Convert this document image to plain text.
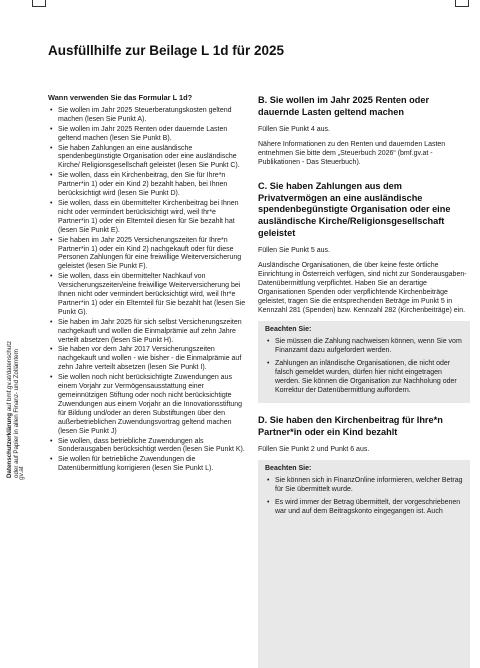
Datenschutzerklärung auf bmf.gv.at/datenschutz
oder auf Papier in allen Finanz- und Zollämtern
gv.at
Ausfüllhilfe zur Beilage L 1d für 2025
Wann verwenden Sie das Formular L 1d?
• Sie wollen im Jahr 2025 Steuerberatungskosten geltend machen (lesen Sie Punkt A).
• Sie wollen im Jahr 2025 Renten oder dauernde Lasten geltend machen (lesen Sie Punkt B).
• Sie haben Zahlungen an eine ausländische spendenbegünstigte Organisation oder eine ausländische Kirche/ Religionsgesellschaft geleistet (lesen Sie Punkt C).
• Sie wollen, dass ein Kirchenbeitrag, den Sie für Ihre*n Partner*in 1) oder ein Kind 2) bezahlt haben, bei Ihnen berücksichtigt wird (lesen Sie Punkt D).
• Sie wollen, dass ein übermittelter Kirchenbeitrag bei Ihnen nicht oder vermindert berücksichtigt wird, weil Ihr*e Partner*in 1) oder ein Elternteil diesen für Sie bezahlt hat (lesen Sie Punkt E).
• Sie haben im Jahr 2025 Versicherungszeiten für Ihre*n Partner*in 1) oder ein Kind 2) nachgekauft oder für diese Personen Zahlungen für eine freiwillige Weiterversicherung geleistet (lesen Sie Punkt F).
• Sie wollen, dass ein übermittelter Nachkauf von Versicherungszeiten/eine freiwillige Weiterversicherung bei Ihnen nicht oder vermindert berücksichtigt wird, weil Ihr*e Partner*in 1) oder ein Elternteil für Sie bezahlt hat (lesen Sie Punkt G).
• Sie haben im Jahr 2025 für sich selbst Versicherungszeiten nachgekauft und wollen die Einmalprämie auf zehn Jahre verteilt absetzen (lesen Sie Punkt H).
• Sie haben vor dem Jahr 2017 Versicherungszeiten nachgekauft und wollen - wie bisher - die Einmalprämie auf zehn Jahre verteilt absetzen (lesen Sie Punkt I).
• Sie wollen noch nicht berücksichtigte Zuwendungen aus einem Vorjahr zur Vermögensausstattung einer gemeinnützigen Stiftung oder noch nicht berücksichtigte Zuwendungen aus einem Vorjahr an die Innovationsstiftung für Bildung und/oder an deren Substiftungen über den außerbetrieblichen Zuwendungsvortrag geltend machen (lesen Sie Punkt J)
• Sie wollen, dass betriebliche Zuwendungen als Sonderausgaben berücksichtigt werden (lesen Sie Punkt K).
• Sie wollen für betriebliche Zuwendungen die Datenübermittlung korrigieren (lesen Sie Punkt L).
B. Sie wollen im Jahr 2025 Renten oder dauernde Lasten geltend machen

Füllen Sie Punkt 4 aus.

Nähere Informationen zu den Renten und dauernden Lasten entnehmen Sie bitte dem „Steuerbuch 2026“ (bmf.gv.at - Publikationen - Das Steuerbuch).

C. Sie haben Zahlungen aus dem Privatvermögen an eine ausländische spendenbegünstigte Organisation oder eine ausländische Kirche/Religionsgesellschaft geleistet

Füllen Sie Punkt 5 aus.

Ausländische Organisationen, die über keine feste örtliche Einrichtung in Österreich verfügen, sind nicht zur Sonderausgaben-Datenübermittlung verpflichtet. Haben Sie an derartige Organisationen Spenden oder verpflichtende Kirchenbeiträge geleistet, tragen Sie die entsprechenden Beträge im Punkt 5 in Kennzahl 281 (Spenden) bzw. Kennzahl 282 (Kirchenbeiträge) ein.

Beachten Sie:
• Sie müssen die Zahlung nachweisen können, wenn Sie vom Finanzamt dazu aufgefordert werden.
• Zahlungen an inländische Organisationen, die nicht oder falsch gemeldet wurden, dürfen hier nicht eingetragen werden. Sie können die Organisation zur Nachholung oder Korrektur der Datenübermittlung auffordern.
D. Sie haben den Kirchenbeitrag für Ihre*n Partner*in oder ein Kind bezahlt

Füllen Sie Punkt 2 und Punkt 6 aus.

Beachten Sie:
• Sie können sich in FinanzOnline informieren, welcher Betrag für Sie übermittelt wurde.
• Es wird immer der Betrag übermittelt, der vorgeschriebenen war und auf dem Beitragskonto eingegangen ist. Auch
